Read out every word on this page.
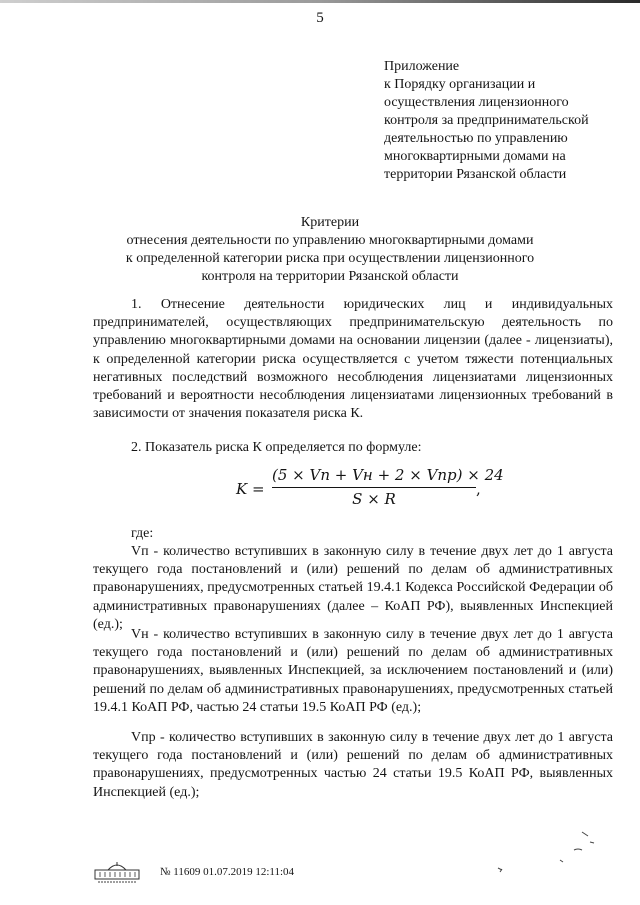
5
Приложение
к Порядку организации и
осуществления лицензионного
контроля за предпринимательской
деятельностью по управлению
многоквартирными домами на
территории Рязанской области
Критерии
отнесения деятельности по управлению многоквартирными домами
к определенной категории риска при осуществлении лицензионного
контроля на территории Рязанской области

1. Отнесение деятельности юридических лиц и индивидуальных предпринимателей, осуществляющих предпринимательскую деятельность по управлению многоквартирными домами на основании лицензии (далее - лицензиаты), к определенной категории риска осуществляется с учетом тяжести потенциальных негативных последствий возможного несоблюдения лицензиатами лицензионных требований и вероятности несоблюдения лицензиатами лицензионных требований в зависимости от значения показателя риска К.

2. Показатель риска К определяется по формуле:

K =
(5 × Vп + Vн + 2 × Vпр) × 24
S × R
,

где:

Vп - количество вступивших в законную силу в течение двух лет до 1 августа текущего года постановлений и (или) решений по делам об административных правонарушениях, предусмотренных статьей 19.4.1 Кодекса Российской Федерации об административных правонарушениях (далее – КоАП РФ), выявленных Инспекцией (ед.);

Vн - количество вступивших в законную силу в течение двух лет до 1 августа текущего года постановлений и (или) решений по делам об административных правонарушениях, выявленных Инспекцией, за исключением постановлений и (или) решений по делам об административных правонарушениях, предусмотренных статьей 19.4.1 КоАП РФ, частью 24 статьи 19.5 КоАП РФ (ед.);

Vпр - количество вступивших в законную силу в течение двух лет до 1 августа текущего года постановлений и (или) решений по делам об административных правонарушениях, предусмотренных частью 24 статьи 19.5 КоАП РФ, выявленных Инспекцией (ед.);

№ 11609 01.07.2019 12:11:04
